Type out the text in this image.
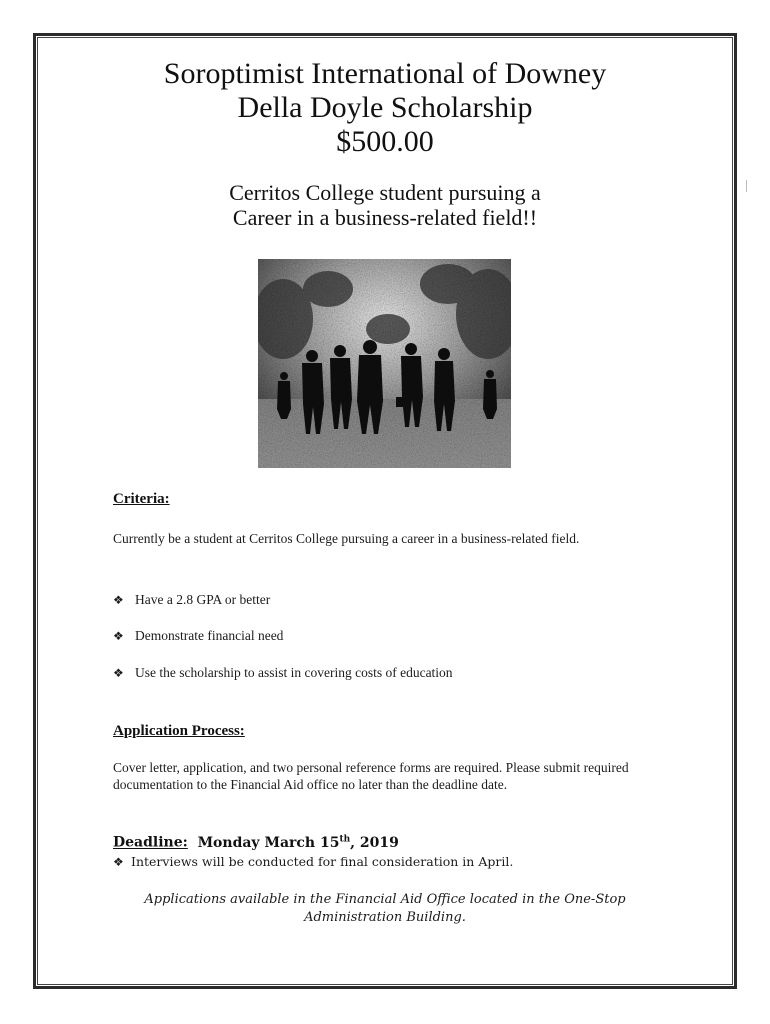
Soroptimist International of Downey
Della Doyle Scholarship
$500.00
Cerritos College student pursuing a
Career in a business-related field!!
Criteria:
Currently be a student at Cerritos College pursuing a career in a business-related field.
❖ Have a 2.8 GPA or better
❖ Demonstrate financial need
❖ Use the scholarship to assist in covering costs of education
Application Process:
Cover letter, application, and two personal reference forms are required. Please submit required documentation to the Financial Aid office no later than the deadline date.
Deadline: Monday March 15th, 2019
❖ Interviews will be conducted for final consideration in April.
Applications available in the Financial Aid Office located in the One-Stop
Administration Building.
